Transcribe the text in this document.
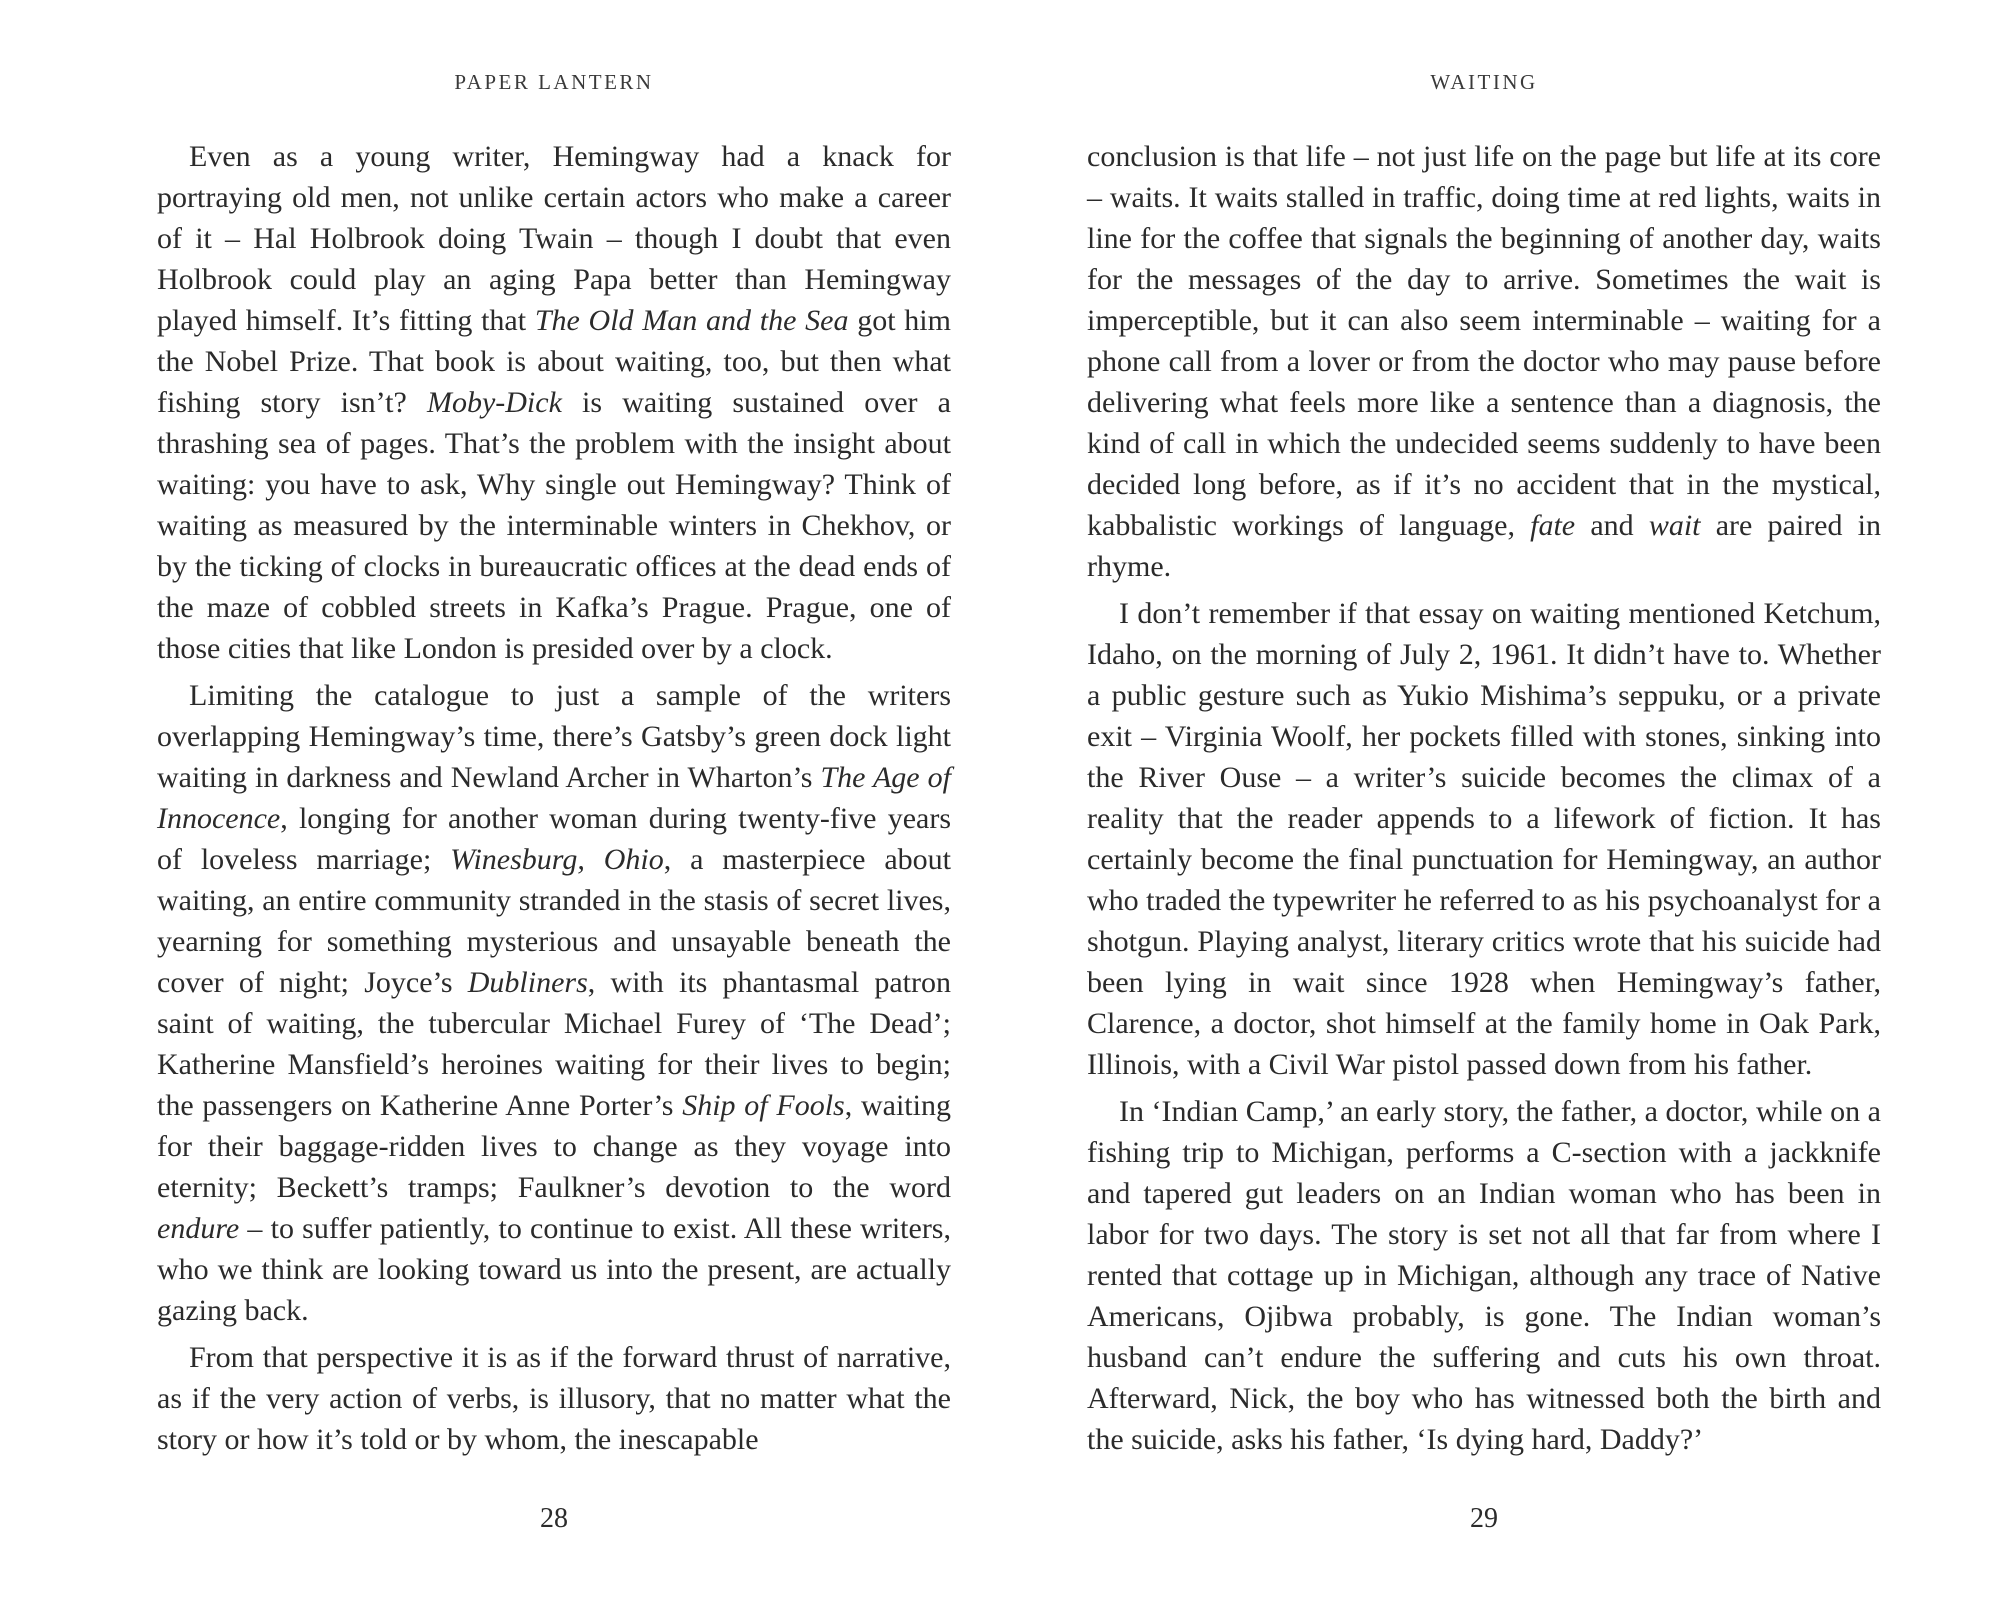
PAPER LANTERN

Even as a young writer, Hemingway had a knack for portraying old men, not unlike certain actors who make a career of it – Hal Holbrook doing Twain – though I doubt that even Holbrook could play an aging Papa better than Hemingway played himself. It’s fitting that The Old Man and the Sea got him the Nobel Prize. That book is about waiting, too, but then what fishing story isn’t? Moby-Dick is waiting sustained over a thrashing sea of pages. That’s the problem with the insight about waiting: you have to ask, Why single out Hemingway? Think of waiting as measured by the interminable winters in Chekhov, or by the ticking of clocks in bureaucratic offices at the dead ends of the maze of cobbled streets in Kafka’s Prague. Prague, one of those cities that like London is presided over by a clock.

Limiting the catalogue to just a sample of the writers overlapping Hemingway’s time, there’s Gatsby’s green dock light waiting in darkness and Newland Archer in Wharton’s The Age of Innocence, longing for another woman during twenty-five years of loveless marriage; Winesburg, Ohio, a masterpiece about waiting, an entire community stranded in the stasis of secret lives, yearning for something mysterious and unsayable beneath the cover of night; Joyce’s Dubliners, with its phantasmal patron saint of waiting, the tubercular Michael Furey of ‘The Dead’; Katherine Mansfield’s heroines waiting for their lives to begin; the passengers on Katherine Anne Porter’s Ship of Fools, waiting for their baggage-ridden lives to change as they voyage into eternity; Beckett’s tramps; Faulkner’s devotion to the word endure – to suffer patiently, to continue to exist. All these writers, who we think are looking toward us into the present, are actually gazing back.

From that perspective it is as if the forward thrust of narrative, as if the very action of verbs, is illusory, that no matter what the story or how it’s told or by whom, the inescapable

28
WAITING

conclusion is that life – not just life on the page but life at its core – waits. It waits stalled in traffic, doing time at red lights, waits in line for the coffee that signals the beginning of another day, waits for the messages of the day to arrive. Sometimes the wait is imperceptible, but it can also seem interminable – waiting for a phone call from a lover or from the doctor who may pause before delivering what feels more like a sentence than a diagnosis, the kind of call in which the undecided seems suddenly to have been decided long before, as if it’s no accident that in the mystical, kabbalistic workings of language, fate and wait are paired in rhyme.

I don’t remember if that essay on waiting mentioned Ketchum, Idaho, on the morning of July 2, 1961. It didn’t have to. Whether a public gesture such as Yukio Mishima’s seppuku, or a private exit – Virginia Woolf, her pockets filled with stones, sinking into the River Ouse – a writer’s suicide becomes the climax of a reality that the reader appends to a lifework of fiction. It has certainly become the final punctuation for Hemingway, an author who traded the typewriter he referred to as his psychoanalyst for a shotgun. Playing analyst, literary critics wrote that his suicide had been lying in wait since 1928 when Hemingway’s father, Clarence, a doctor, shot himself at the family home in Oak Park, Illinois, with a Civil War pistol passed down from his father.

In ‘Indian Camp,’ an early story, the father, a doctor, while on a fishing trip to Michigan, performs a C-section with a jackknife and tapered gut leaders on an Indian woman who has been in labor for two days. The story is set not all that far from where I rented that cottage up in Michigan, although any trace of Native Americans, Ojibwa probably, is gone. The Indian woman’s husband can’t endure the suffering and cuts his own throat. Afterward, Nick, the boy who has witnessed both the birth and the suicide, asks his father, ‘Is dying hard, Daddy?’

29
